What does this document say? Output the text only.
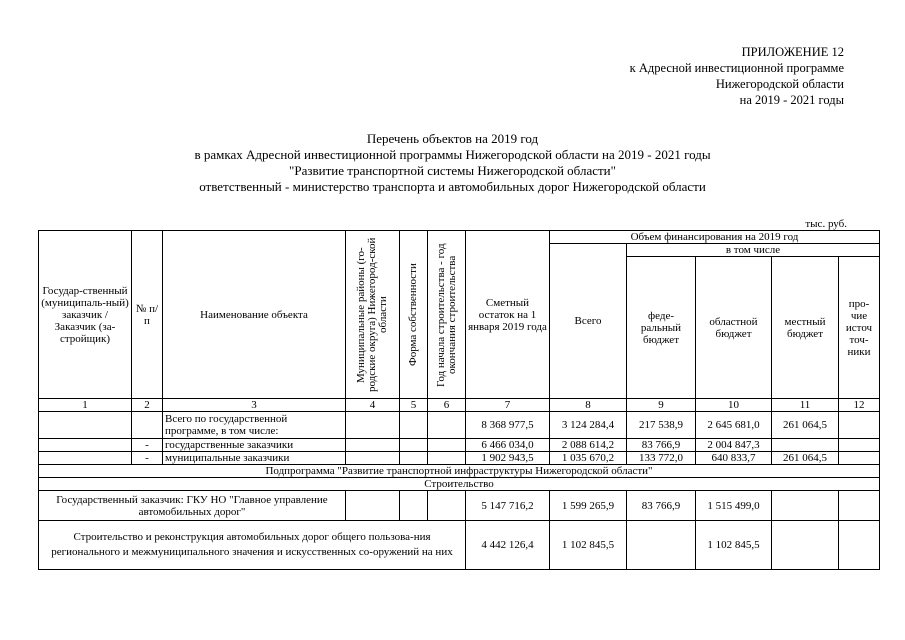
ПРИЛОЖЕНИЕ 12
к Адресной инвестиционной программе
Нижегородской области
на 2019 - 2021 годы
Перечень объектов на 2019 год
в рамках Адресной инвестиционной программы Нижегородской области на 2019 - 2021 годы
"Развитие транспортной системы Нижегородской области"
ответственный - министерство транспорта и автомобильных дорог Нижегородской области
тыс. руб.
Государ-ственный (муниципаль-ный) заказчик / Заказчик (за-стройщик)	№ п/п	Наименование объекта	Муниципальные районы (го-родские округа) Нижегород-ской области	Форма собственности	Год начала строительства - год окончания строительства	Сметный остаток на 1 января 2019 года	Объем финансирования на 2019 год				
							Всего	в том числе			
								феде-ральный бюджет	областной бюджет	местный бюджет	про-чие источ точ-ники
1	2	3	4	5	6	7	8	9	10	11	12
		Всего по государственной программе, в том числе:				8 368 977,5	3 124 284,4	217 538,9	2 645 681,0	261 064,5	
	-	государственные заказчики				6 466 034,0	2 088 614,2	83 766,9	2 004 847,3		
	-	муниципальные заказчики				1 902 943,5	1 035 670,2	133 772,0	640 833,7	261 064,5	
Подпрограмма "Развитие транспортной инфраструктуры Нижегородской области"											
Строительство											
Государственный заказчик: ГКУ НО "Главное управление автомобильных дорог"						5 147 716,2	1 599 265,9	83 766,9	1 515 499,0		
Строительство и реконструкция автомобильных дорог общего пользова-ния регионального и межмуниципального значения и искусственных со-оружений на них						4 442 126,4	1 102 845,5		1 102 845,5		
